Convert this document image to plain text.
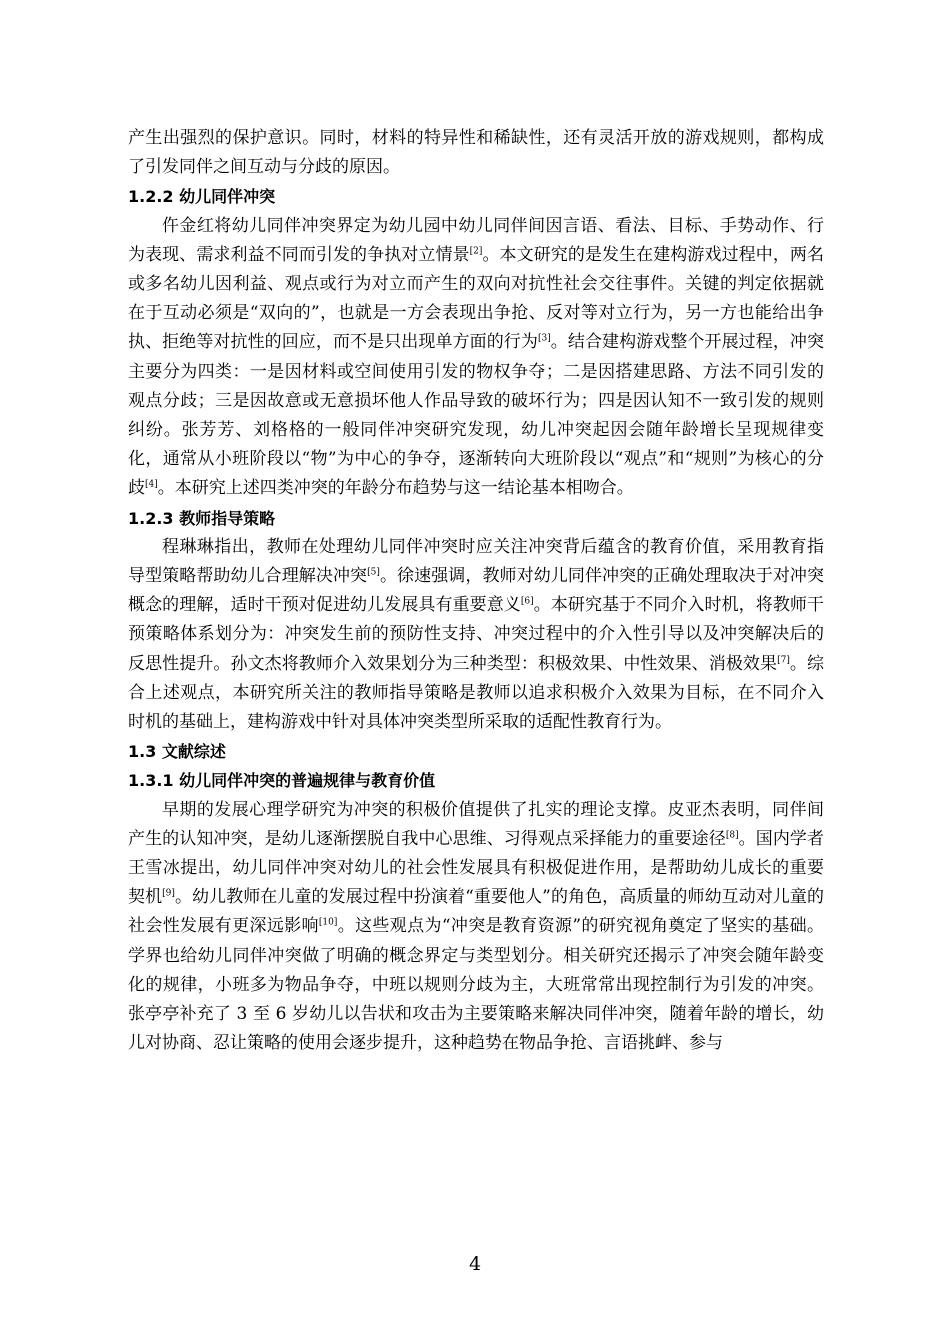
产生出强烈的保护意识。同时，材料的特异性和稀缺性，还有灵活开放的游戏规则，都构成了引发同伴之间互动与分歧的原因。

1.2.2 幼儿同伴冲突

仵金红将幼儿同伴冲突界定为幼儿园中幼儿同伴间因言语、看法、目标、手势动作、行为表现、需求利益不同而引发的争执对立情景[2]。本文研究的是发生在建构游戏过程中，两名或多名幼儿因利益、观点或行为对立而产生的双向对抗性社会交往事件。关键的判定依据就在于互动必须是“双向的”，也就是一方会表现出争抢、反对等对立行为，另一方也能给出争执、拒绝等对抗性的回应，而不是只出现单方面的行为[3]。结合建构游戏整个开展过程，冲突主要分为四类：一是因材料或空间使用引发的物权争夺；二是因搭建思路、方法不同引发的观点分歧；三是因故意或无意损坏他人作品导致的破坏行为；四是因认知不一致引发的规则纠纷。张芳芳、刘格格的一般同伴冲突研究发现，幼儿冲突起因会随年龄增长呈现规律变化，通常从小班阶段以“物”为中心的争夺，逐渐转向大班阶段以“观点”和“规则”为核心的分歧[4]。本研究上述四类冲突的年龄分布趋势与这一结论基本相吻合。

1.2.3 教师指导策略

程琳琳指出，教师在处理幼儿同伴冲突时应关注冲突背后蕴含的教育价值，采用教育指导型策略帮助幼儿合理解决冲突[5]。徐速强调，教师对幼儿同伴冲突的正确处理取决于对冲突概念的理解，适时干预对促进幼儿发展具有重要意义[6]。本研究基于不同介入时机，将教师干预策略体系划分为：冲突发生前的预防性支持、冲突过程中的介入性引导以及冲突解决后的反思性提升。孙文杰将教师介入效果划分为三种类型：积极效果、中性效果、消极效果[7]。综合上述观点，本研究所关注的教师指导策略是教师以追求积极介入效果为目标，在不同介入时机的基础上，建构游戏中针对具体冲突类型所采取的适配性教育行为。

1.3 文献综述
1.3.1 幼儿同伴冲突的普遍规律与教育价值

早期的发展心理学研究为冲突的积极价值提供了扎实的理论支撑。皮亚杰表明，同伴间产生的认知冲突，是幼儿逐渐摆脱自我中心思维、习得观点采择能力的重要途径[8]。国内学者王雪冰提出，幼儿同伴冲突对幼儿的社会性发展具有积极促进作用，是帮助幼儿成长的重要契机[9]。幼儿教师在儿童的发展过程中扮演着“重要他人”的角色，高质量的师幼互动对儿童的社会性发展有更深远影响[10]。这些观点为“冲突是教育资源”的研究视角奠定了坚实的基础。学界也给幼儿同伴冲突做了明确的概念界定与类型划分。相关研究还揭示了冲突会随年龄变化的规律，小班多为物品争夺，中班以规则分歧为主，大班常常出现控制行为引发的冲突。张亭亭补充了 3 至 6 岁幼儿以告状和攻击为主要策略来解决同伴冲突，随着年龄的增长，幼儿对协商、忍让策略的使用会逐步提升，这种趋势在物品争抢、言语挑衅、参与

4
